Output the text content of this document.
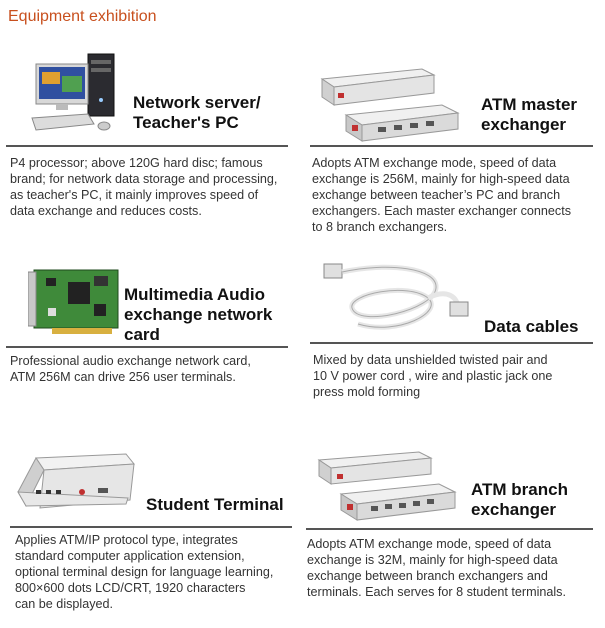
Equipment exhibition
Network server/
Teacher's PC
P4 processor; above 120G hard disc; famous
brand; for network data storage and processing,
as teacher's PC, it mainly improves speed of
data exchange and reduces costs.
ATM master
exchanger
Adopts ATM exchange mode, speed of data
exchange is 256M, mainly for high-speed data
exchange between teacher’s PC and branch
exchangers. Each master exchanger connects
to 8 branch exchangers.
Multimedia Audio
exchange network
card
Professional audio exchange network card,
ATM 256M can drive 256 user terminals.
Data cables
Mixed by data unshielded twisted pair and
10 V power cord , wire and plastic jack one
press mold forming
Student Terminal
Applies ATM/IP protocol type, integrates
standard computer application extension,
optional terminal design for language learning,
800×600 dots LCD/CRT, 1920 characters
can be displayed.
ATM branch
exchanger
Adopts ATM exchange mode, speed of data
exchange is 32M, mainly for high-speed data
exchange between branch exchangers and
terminals. Each serves for 8 student terminals.
